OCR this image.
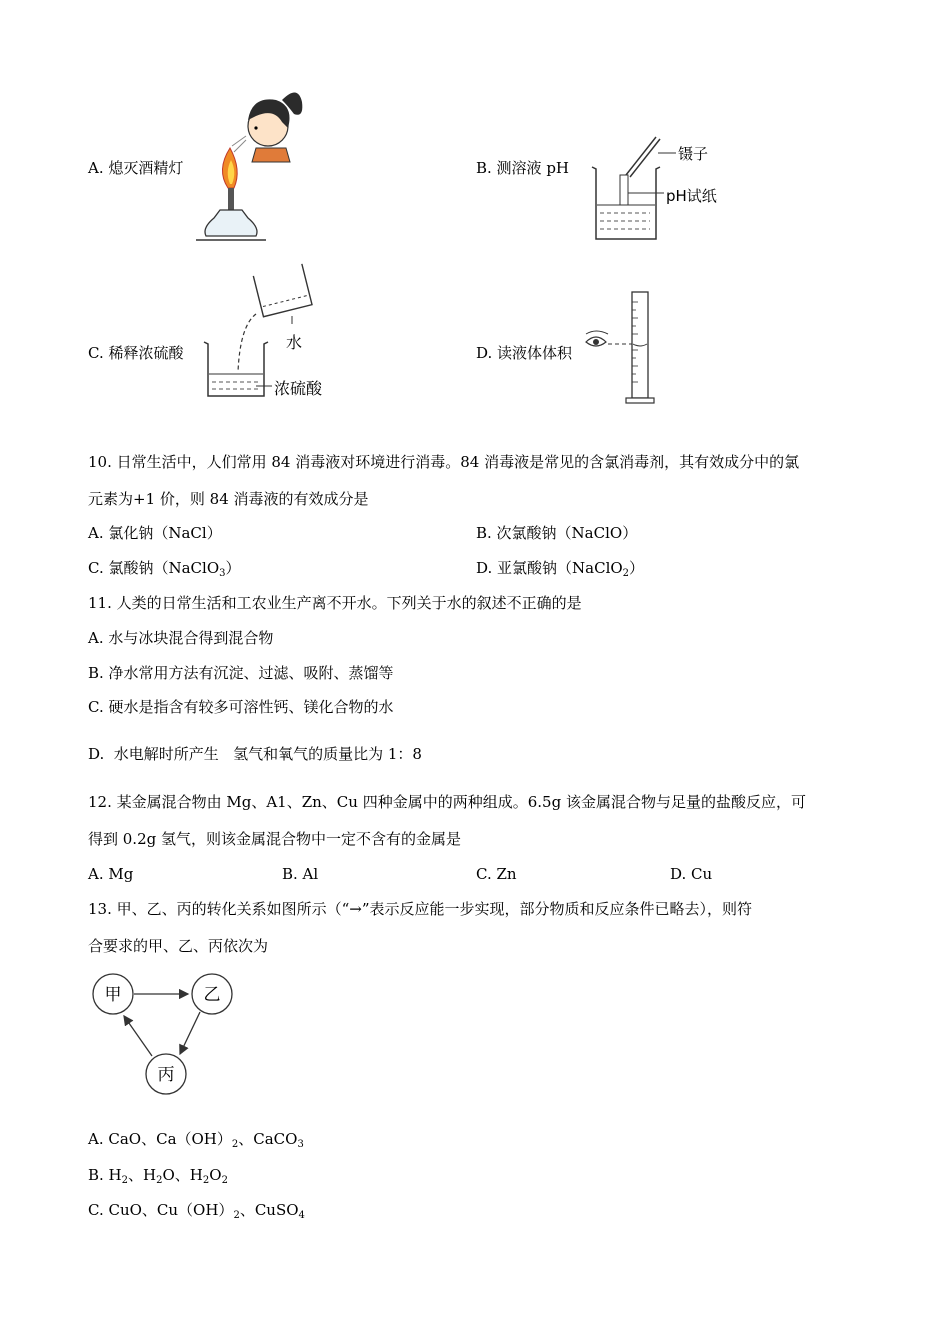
A. 熄灭酒精灯	B. 测溶液 pH
镊子
pH试纸
C. 稀释浓硫酸
水
浓硫酸
D. 读液体体积
10. 日常生活中，人们常用 84 消毒液对环境进行消毒。84 消毒液是常见的含氯消毒剂，其有效成分中的氯
元素为+1 价，则 84 消毒液的有效成分是
A. 氯化钠（NaCl）	B. 次氯酸钠（NaClO）
C. 氯酸钠（NaClO$_3$）	D. 亚氯酸钠（NaClO$_2$）
11. 人类的日常生活和工农业生产离不开水。下列关于水的叙述不正确的是
A. 水与冰块混合得到混合物
B. 净水常用方法有沉淀、过滤、吸附、蒸馏等
C. 硬水是指含有较多可溶性钙、镁化合物的水
D.  水电解时所产生   氢气和氧气的质量比为 1：8
12. 某金属混合物由 Mg、A1、Zn、Cu 四种金属中的两种组成。6.5g 该金属混合物与足量的盐酸反应，可
得到 0.2g 氢气，则该金属混合物中一定不含有的金属是
A. Mg	B. Al	C. Zn	D. Cu
13. 甲、乙、丙的转化关系如图所示（“→”表示反应能一步实现，部分物质和反应条件已略去），则符
合要求的甲、乙、丙依次为
甲	乙
丙
A. CaO、$Ca(OH)_2$、CaCO$_3$
B. $H_2$、$H_2O$、$H_2O_2$
C. CuO、$Cu(OH)_2$、CuSO$_4$
